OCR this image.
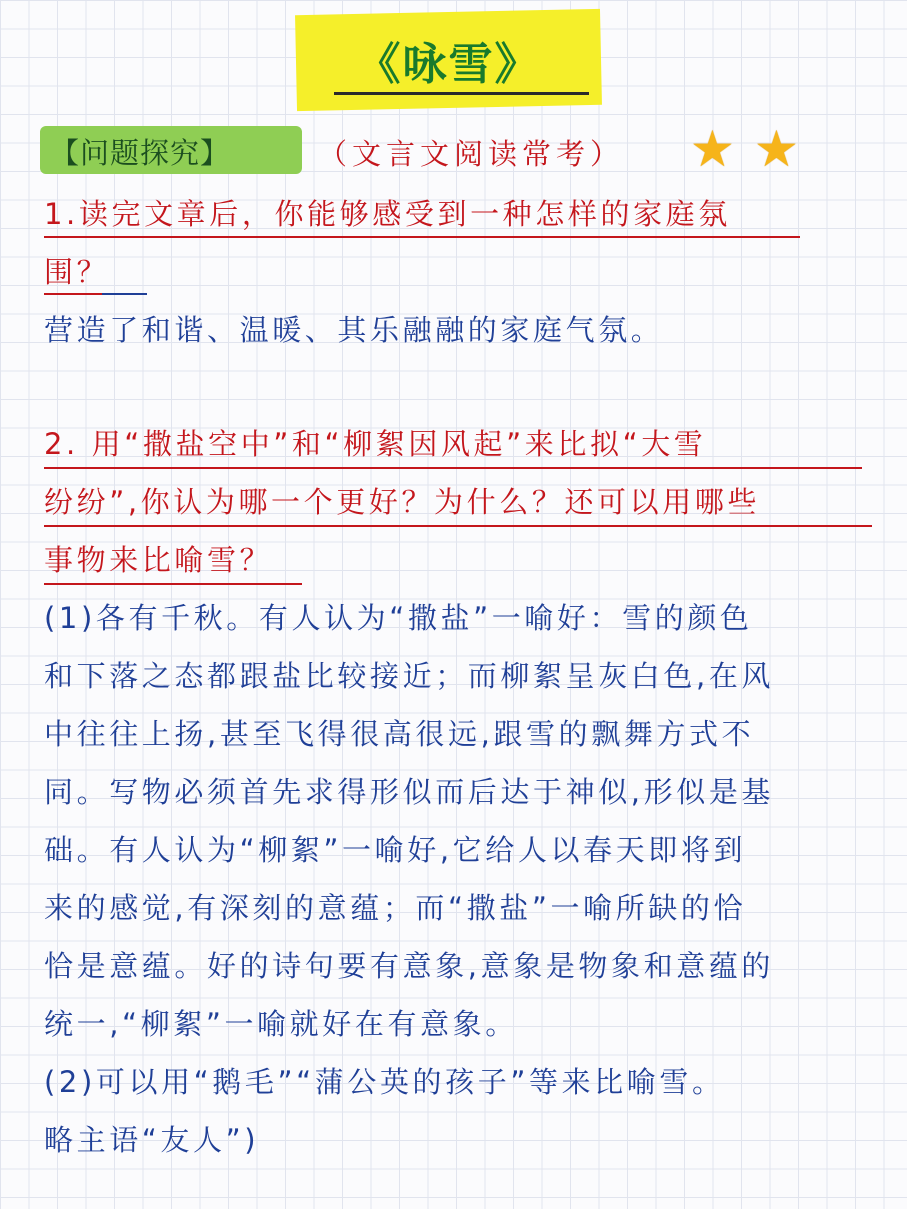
《咏雪》
【问题探究】	（文言文阅读常考） ★ ★
1.读完文章后，你能够感受到一种怎样的家庭氛
围？
营造了和谐、温暖、其乐融融的家庭气氛。
2. 用“撒盐空中”和“柳絮因风起”来比拟“大雪
纷纷”,你认为哪一个更好？为什么？还可以用哪些
事物来比喻雪？
(1)各有千秋。有人认为“撒盐”一喻好：雪的颜色
和下落之态都跟盐比较接近；而柳絮呈灰白色,在风
中往往上扬,甚至飞得很高很远,跟雪的飘舞方式不
同。写物必须首先求得形似而后达于神似,形似是基
础。有人认为“柳絮”一喻好,它给人以春天即将到
来的感觉,有深刻的意蕴；而“撒盐”一喻所缺的恰
恰是意蕴。好的诗句要有意象,意象是物象和意蕴的
统一,“柳絮”一喻就好在有意象。
(2)可以用“鹅毛”“蒲公英的孩子”等来比喻雪。
略主语“友人”)
